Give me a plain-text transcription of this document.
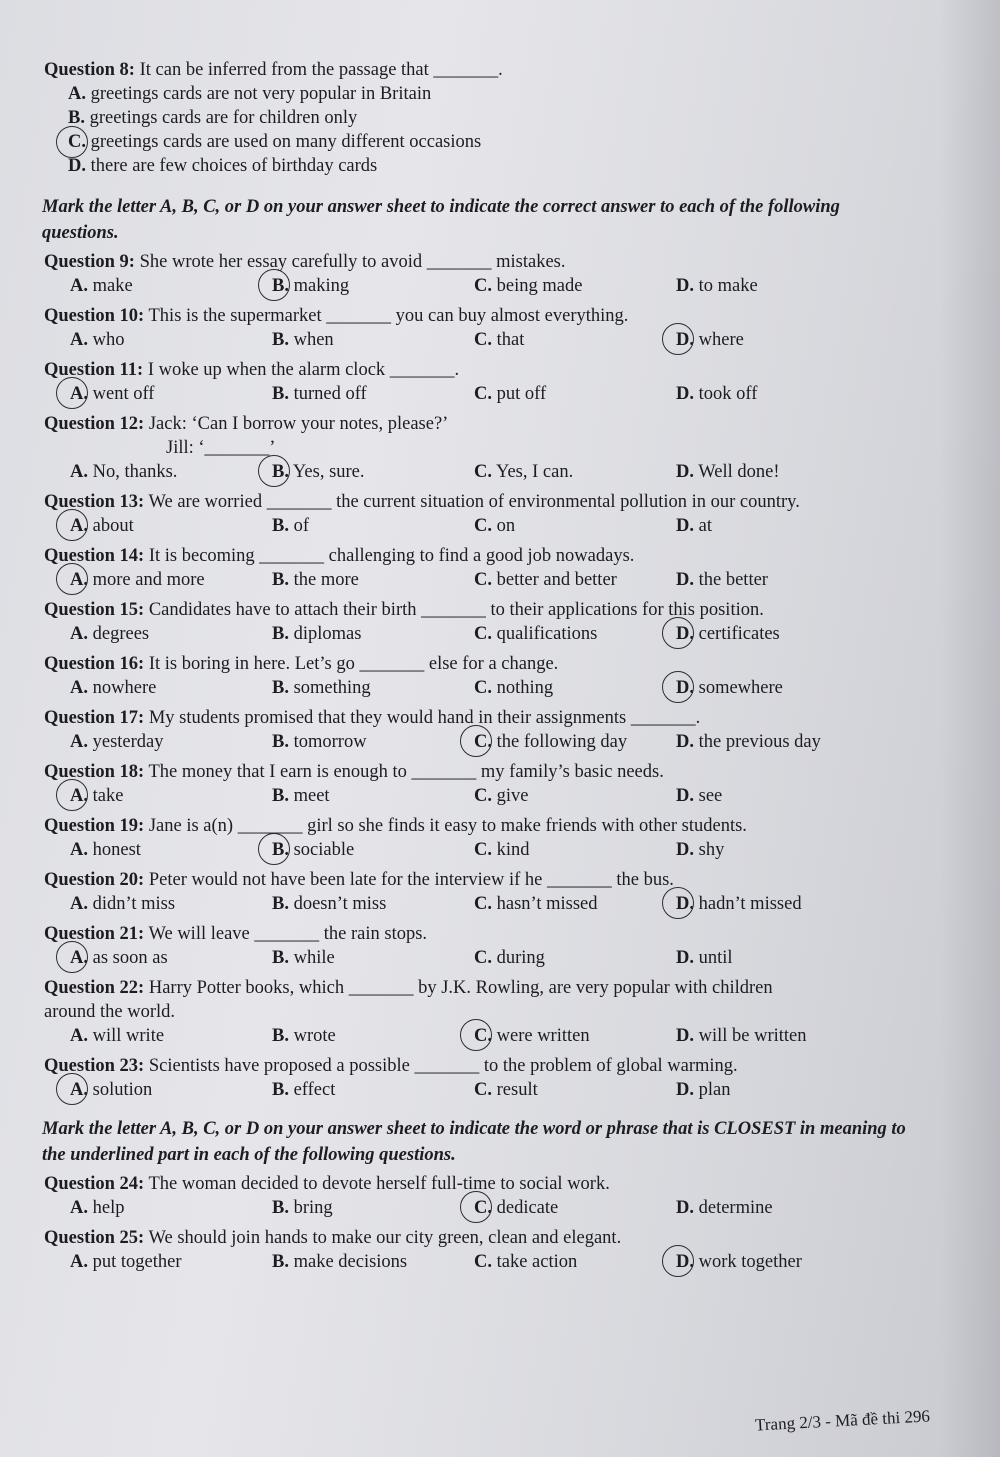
Question 8: It can be inferred from the passage that _______.
A. greetings cards are not very popular in Britain
B. greetings cards are for children only
C. greetings cards are used on many different occasions
D. there are few choices of birthday cards
Mark the letter A, B, C, or D on your answer sheet to indicate the correct answer to each of the following questions.
Question 9: She wrote her essay carefully to avoid _______ mistakes.
A. make	B. making	C. being made	D. to make
Question 10: This is the supermarket _______ you can buy almost everything.
A. who	B. when	C. that	D. where
Question 11: I woke up when the alarm clock _______.
A. went off	B. turned off	C. put off	D. took off
Question 12: Jack: ‘Can I borrow your notes, please?’
Jill: ‘_______’
A. No, thanks.	B. Yes, sure.	C. Yes, I can.	D. Well done!
Question 13: We are worried _______ the current situation of environmental pollution in our country.
A. about	B. of	C. on	D. at
Question 14: It is becoming _______ challenging to find a good job nowadays.
A. more and more	B. the more	C. better and better	D. the better
Question 15: Candidates have to attach their birth _______ to their applications for this position.
A. degrees	B. diplomas	C. qualifications	D. certificates
Question 16: It is boring in here. Let’s go _______ else for a change.
A. nowhere	B. something	C. nothing	D. somewhere
Question 17: My students promised that they would hand in their assignments _______.
A. yesterday	B. tomorrow	C. the following day	D. the previous day
Question 18: The money that I earn is enough to _______ my family’s basic needs.
A. take	B. meet	C. give	D. see
Question 19: Jane is a(n) _______ girl so she finds it easy to make friends with other students.
A. honest	B. sociable	C. kind	D. shy
Question 20: Peter would not have been late for the interview if he _______ the bus.
A. didn’t miss	B. doesn’t miss	C. hasn’t missed	D. hadn’t missed
Question 21: We will leave _______ the rain stops.
A. as soon as	B. while	C. during	D. until
Question 22: Harry Potter books, which _______ by J.K. Rowling, are very popular with children
around the world.
A. will write	B. wrote	C. were written	D. will be written
Question 23: Scientists have proposed a possible _______ to the problem of global warming.
A. solution	B. effect	C. result	D. plan
Mark the letter A, B, C, or D on your answer sheet to indicate the word or phrase that is CLOSEST in meaning to the underlined part in each of the following questions.
Question 24: The woman decided to devote herself full-time to social work.
A. help	B. bring	C. dedicate	D. determine
Question 25: We should join hands to make our city green, clean and elegant.
A. put together	B. make decisions	C. take action	D. work together
Trang 2/3 - Mã đề thi 296
